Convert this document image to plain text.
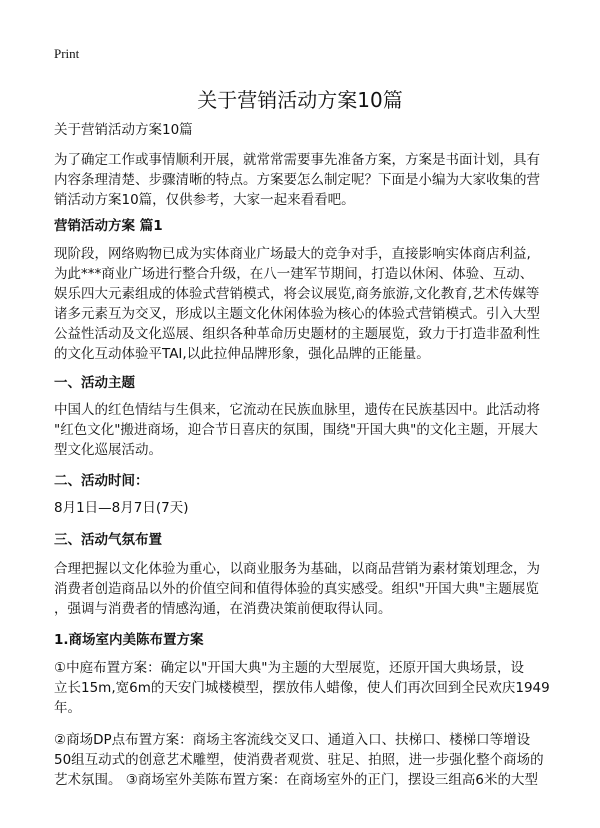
Print
关于营销活动方案10篇
关于营销活动方案10篇
为了确定工作或事情顺利开展，就常常需要事先准备方案，方案是书面计划，具有
内容条理清楚、步骤清晰的特点。方案要怎么制定呢？下面是小编为大家收集的营
销活动方案10篇，仅供参考，大家一起来看看吧。
营销活动方案 篇1
现阶段，网络购物已成为实体商业广场最大的竞争对手，直接影响实体商店利益,
为此***商业广场进行整合升级，在八一建军节期间，打造以休闲、体验、互动、
娱乐四大元素组成的体验式营销模式，将会议展览,商务旅游,文化教育,艺术传媒等
诸多元素互为交叉，形成以主题文化休闲体验为核心的体验式营销模式。引入大型
公益性活动及文化巡展、组织各种革命历史题材的主题展览，致力于打造非盈利性
的文化互动体验平TAI,以此拉伸品牌形象，强化品牌的正能量。
一、活动主题
中国人的红色情结与生俱来，它流动在民族血脉里，遗传在民族基因中。此活动将
"红色文化"搬进商场，迎合节日喜庆的氛围，围绕"开国大典"的文化主题，开展大
型文化巡展活动。
二、活动时间：
8月1日—8月7日(7天)
三、活动气氛布置
合理把握以文化体验为重心，以商业服务为基础，以商品营销为素材策划理念，为
消费者创造商品以外的价值空间和值得体验的真实感受。组织"开国大典"主题展览
，强调与消费者的情感沟通，在消费决策前便取得认同。
1.商场室内美陈布置方案
①中庭布置方案：确定以"开国大典"为主题的大型展览，还原开国大典场景，设
立长15m,宽6m的天安门城楼模型，摆放伟人蜡像，使人们再次回到全民欢庆1949
年。
②商场DP点布置方案：商场主客流线交叉口、通道入口、扶梯口、楼梯口等增设
50组互动式的创意艺术雕塑，使消费者观赏、驻足、拍照，进一步强化整个商场的
艺术氛围。 ③商场室外美陈布置方案：在商场室外的正门，摆设三组高6米的大型
